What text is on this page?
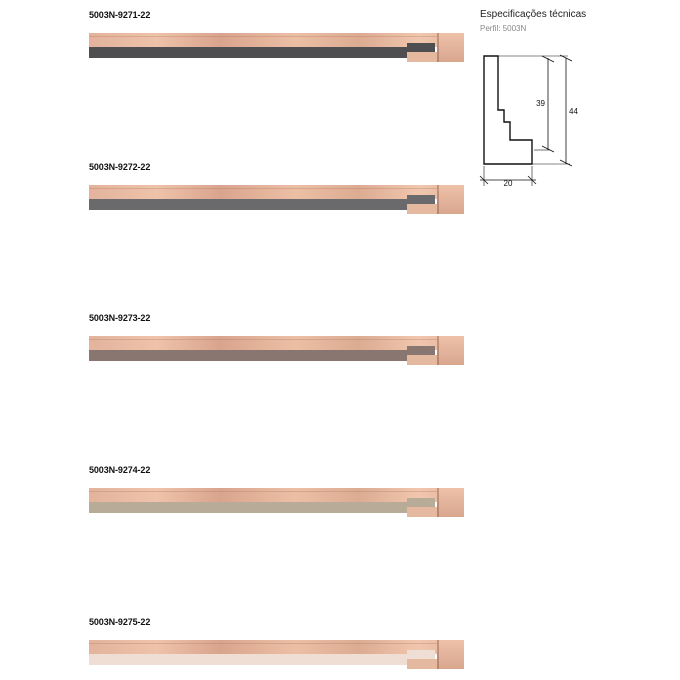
5003N-9271-22
5003N-9272-22
5003N-9273-22
5003N-9274-22
5003N-9275-22
Especificações técnicas
Perfil: 5003N
39
44
20
